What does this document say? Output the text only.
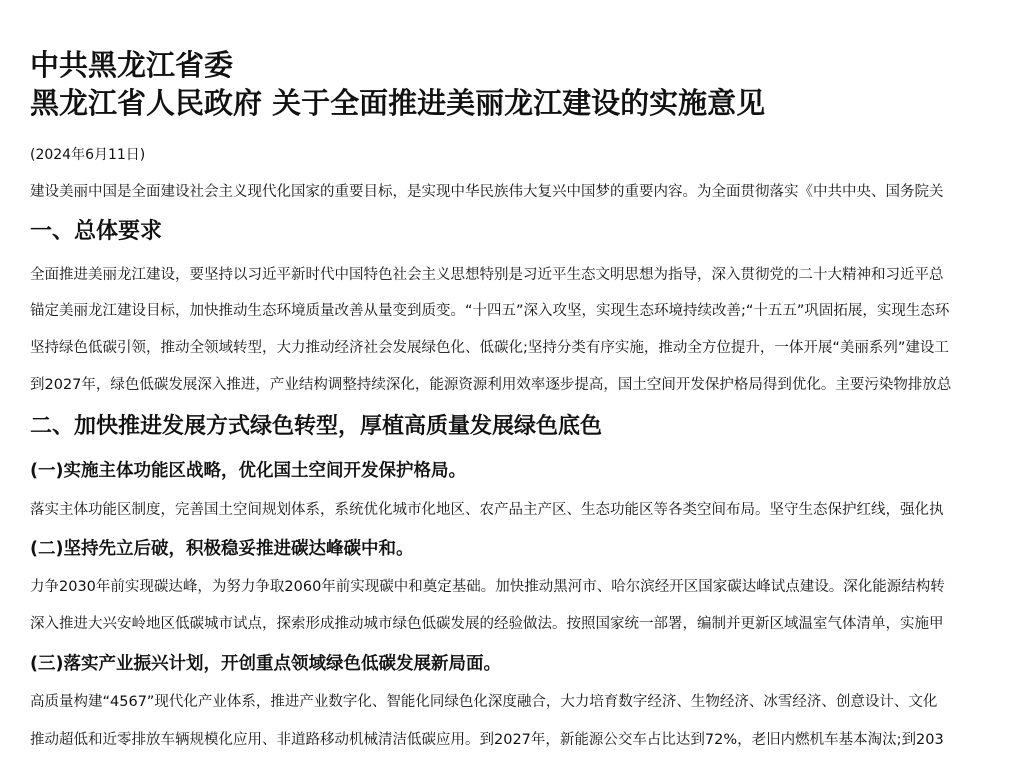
中共黑龙江省委
黑龙江省人民政府 关于全面推进美丽龙江建设的实施意见
(2024年6月11日)
建设美丽中国是全面建设社会主义现代化国家的重要目标，是实现中华民族伟大复兴中国梦的重要内容。为全面贯彻落实《中共中央、国务院关
一、总体要求
全面推进美丽龙江建设，要坚持以习近平新时代中国特色社会主义思想特别是习近平生态文明思想为指导，深入贯彻党的二十大精神和习近平总
锚定美丽龙江建设目标，加快推动生态环境质量改善从量变到质变。“十四五”深入攻坚，实现生态环境持续改善;“十五五”巩固拓展，实现生态环
坚持绿色低碳引领，推动全领域转型，大力推动经济社会发展绿色化、低碳化;坚持分类有序实施，推动全方位提升，一体开展“美丽系列”建设工
到2027年，绿色低碳发展深入推进，产业结构调整持续深化，能源资源利用效率逐步提高，国土空间开发保护格局得到优化。主要污染物排放总
二、加快推进发展方式绿色转型，厚植高质量发展绿色底色
(一)实施主体功能区战略，优化国土空间开发保护格局。
落实主体功能区制度，完善国土空间规划体系，系统优化城市化地区、农产品主产区、生态功能区等各类空间布局。坚守生态保护红线，强化执
(二)坚持先立后破，积极稳妥推进碳达峰碳中和。
力争2030年前实现碳达峰，为努力争取2060年前实现碳中和奠定基础。加快推动黑河市、哈尔滨经开区国家碳达峰试点建设。深化能源结构转
深入推进大兴安岭地区低碳城市试点，探索形成推动城市绿色低碳发展的经验做法。按照国家统一部署，编制并更新区域温室气体清单，实施甲
(三)落实产业振兴计划，开创重点领域绿色低碳发展新局面。
高质量构建“4567”现代化产业体系，推进产业数字化、智能化同绿色化深度融合，大力培育数字经济、生物经济、冰雪经济、创意设计、文化
推动超低和近零排放车辆规模化应用、非道路移动机械清洁低碳应用。到2027年，新能源公交车占比达到72%，老旧内燃机车基本淘汰;到203
